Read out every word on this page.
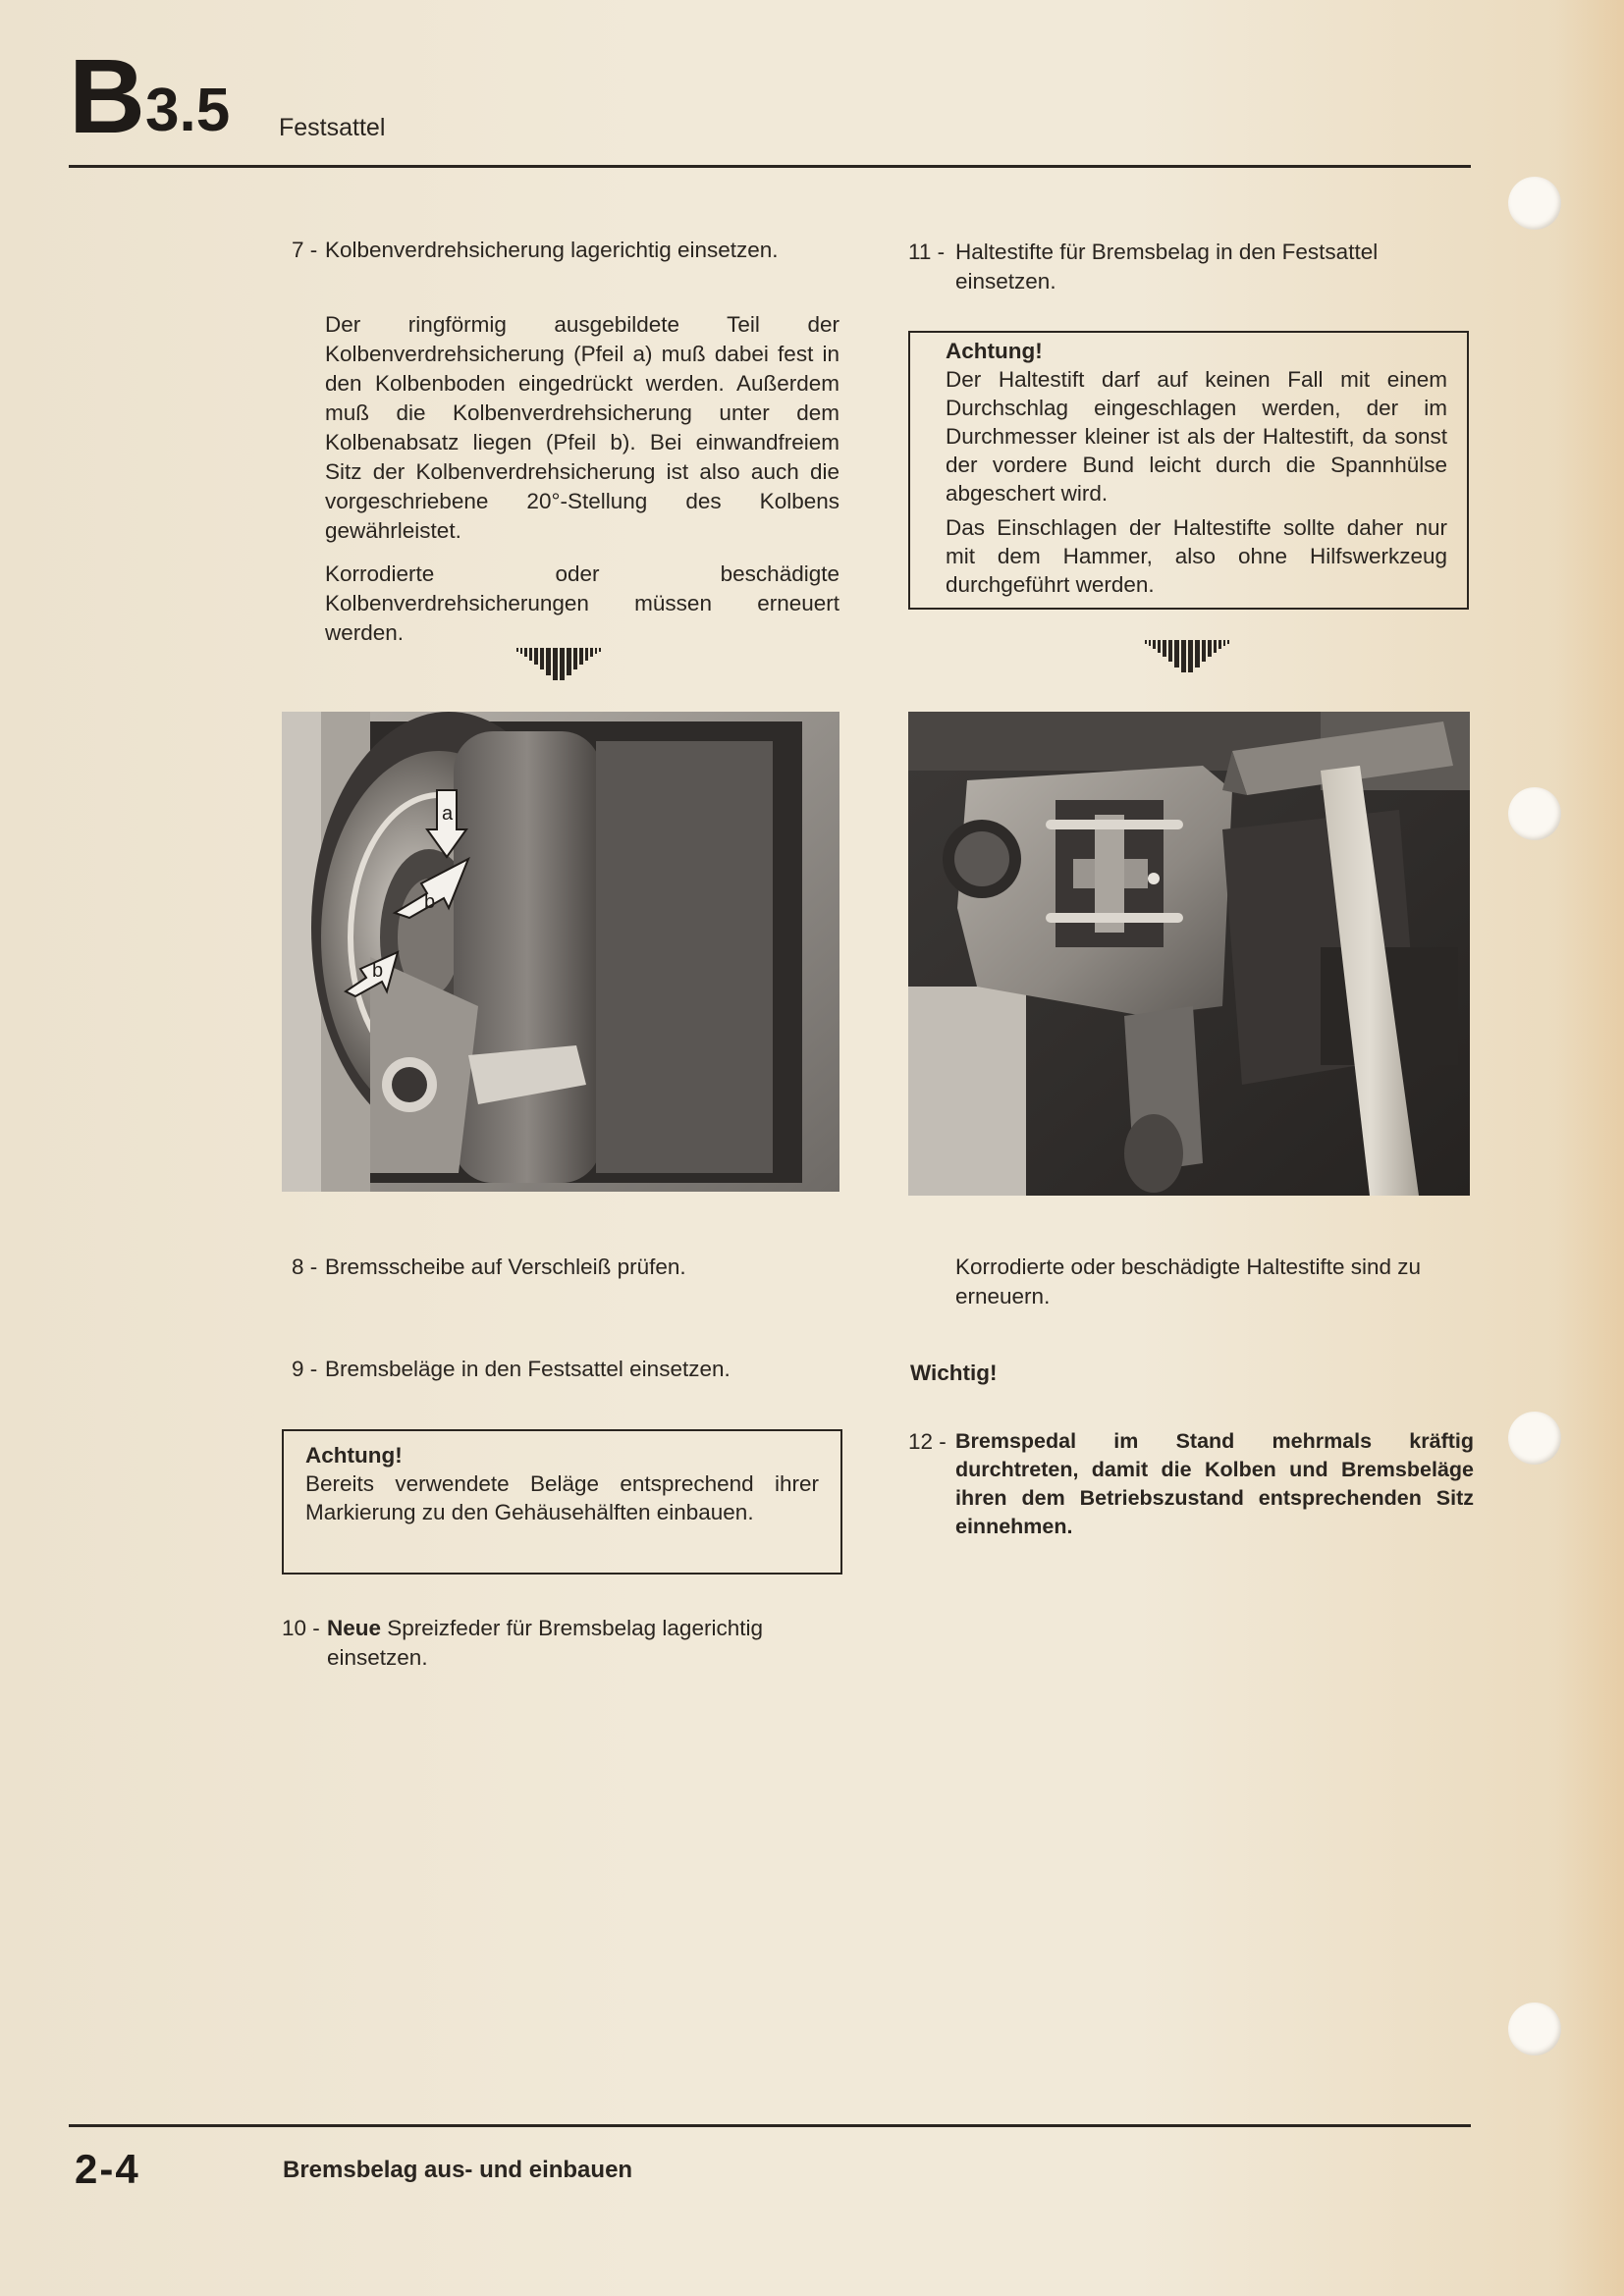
B 3.5 Festsattel
7 - Kolbenverdrehsicherung lagerichtig einsetzen.

Der ringförmig ausgebildete Teil der Kolbenverdrehsicherung (Pfeil a) muß dabei fest in den Kolbenboden eingedrückt werden. Außerdem muß die Kolbenverdrehsicherung unter dem Kolbenabsatz liegen (Pfeil b). Bei einwandfreiem Sitz der Kolbenverdrehsicherung ist also auch die vorgeschriebene 20°-Stellung des Kolbens gewährleistet.

Korrodierte oder beschädigte Kolbenverdrehsicherungen müssen erneuert werden.

a
b
b
8 - Bremsscheibe auf Verschleiß prüfen.
9 - Bremsbeläge in den Festsattel einsetzen.
Achtung!

Bereits verwendete Beläge entsprechend ihrer Markierung zu den Gehäusehälften einbauen.

10 - Neue Spreizfeder für Bremsbelag lagerichtig einsetzen.
11 - Haltestifte für Bremsbelag in den Festsattel einsetzen.
Achtung!

Der Haltestift darf auf keinen Fall mit einem Durchschlag eingeschlagen werden, der im Durchmesser kleiner ist als der Haltestift, da sonst der vordere Bund leicht durch die Spannhülse abgeschert wird.

Das Einschlagen der Haltestifte sollte daher nur mit dem Hammer, also ohne Hilfswerkzeug durchgeführt werden.

Korrodierte oder beschädigte Haltestifte sind zu erneuern.

Wichtig!

12 - Bremspedal im Stand mehrmals kräftig durchtreten, damit die Kolben und Bremsbeläge ihren dem Betriebszustand entsprechenden Sitz einnehmen.
2-4	Bremsbelag aus- und einbauen
